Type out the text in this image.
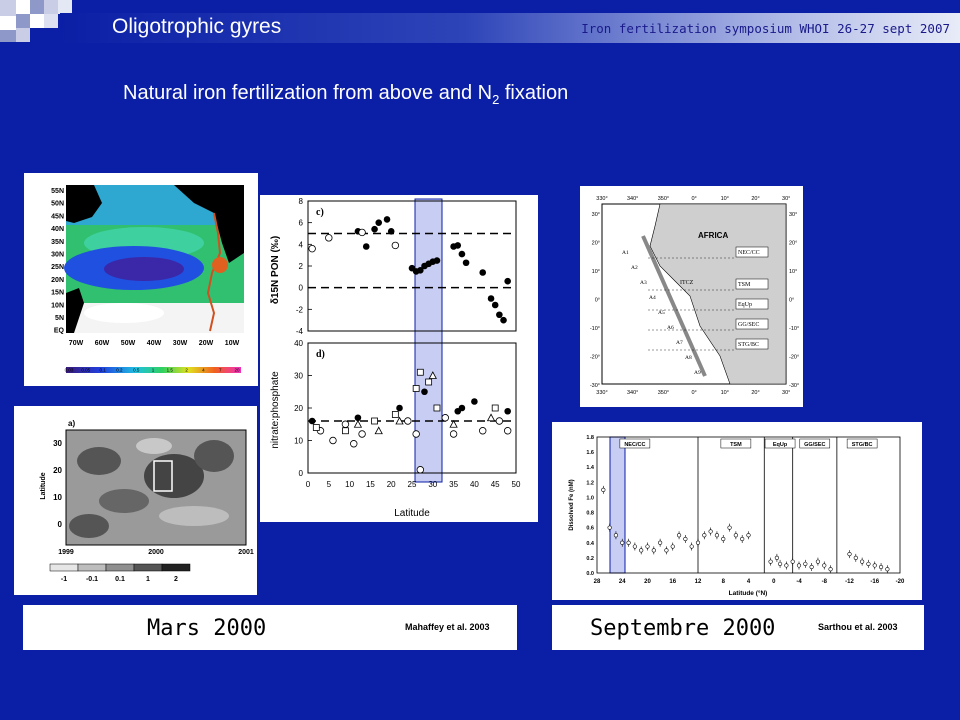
Oligotrophic gyres	Iron fertilization symposium WHOI 26-27 sept 2007
Natural iron fertilization from above and $N_2$ fixation
55N
50N
45N
40N
35N
30N
25N
20N
15N
10N
5N
EQ
70W 60W 50W 40W 30W 20W 10W
0.03 0.05 0.1 0.2 0.5	1	1.5	2	4	7	20
a)
Latitude
30
20
10
0
1999	2000	2001
-1	-0.1 0.1	1	2
8
6
4
2
0
-2
-4
c)
δ15N PON (‰)
40
30
20
10
0
0 5 10 15 20 25 30 35 40 45 50
d)
nitrate:phosphate
Latitude
AFRICA
NEC/CC
TSM
EqUp
GG/SEC
STG/BC
ITCZ
A1
A2
A3
A4
A5
A6
A7
A8
A9
330°	340°	350°	0°	10°	20°	30°
330°	340°	350°	0°	10°	20°	30°
30°
20°
10°
0°
-10°
-20°
-30°
30°
20°
10°
0°
-10°
-20°
-30°
1.8
1.6
1.4
1.2
1.0
0.8
0.6
0.4
0.2
0.0
28	24	20	16	12	8	4	0	-4	-8	-12	-16	-20
Dissolved Fe (nM)
Latitude (°N)
NEC/CC	TSM	EqUp	GG/SEC	STG/BC
Mars 2000	Mahaffey et al. 2003	Septembre 2000	Sarthou et al. 2003
